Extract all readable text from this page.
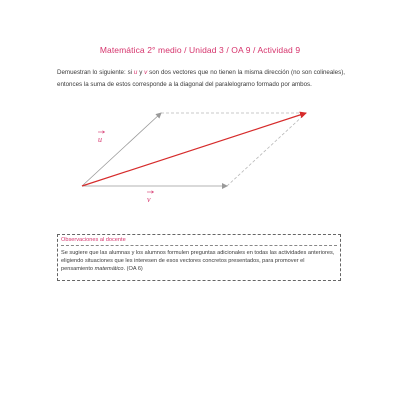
Matemática 2° medio / Unidad 3 / OA 9 / Actividad 9
Demuestran lo siguiente: si u y v son dos vectores que no tienen la misma dirección (no son colineales), entonces la suma de estos corresponde a la diagonal del paralelogramo formado por ambos.
u
v
Observaciones al docente
Se sugiere que las alumnas y los alumnos formulen preguntas adicionales en todas las actividades anteriores, eligiendo situaciones que les interesen de esos vectores concretos presentados, para promover el pensamiento matemático. (OA 6)
